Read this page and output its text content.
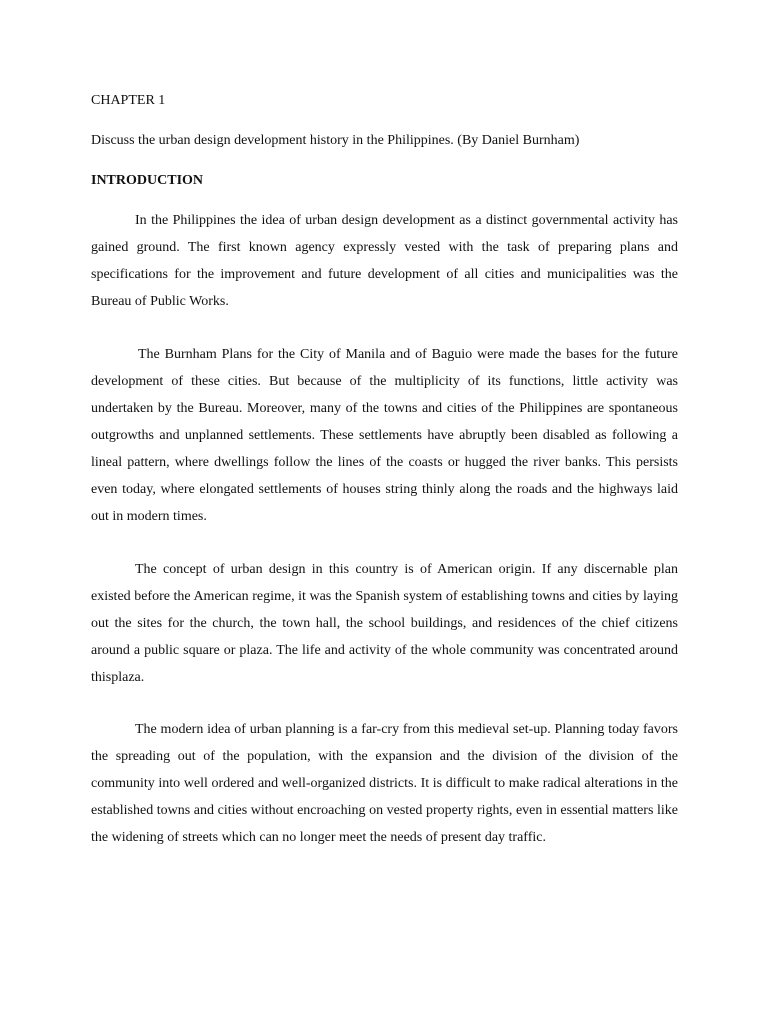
CHAPTER 1
Discuss the urban design development history in the Philippines. (By Daniel Burnham)
INTRODUCTION

In the Philippines the idea of urban design development as a distinct governmental activity has gained ground. The first known agency expressly vested with the task of preparing plans and specifications for the improvement and future development of all cities and municipalities was the Bureau of Public Works.

The Burnham Plans for the City of Manila and of Baguio were made the bases for the future development of these cities. But because of the multiplicity of its functions, little activity was undertaken by the Bureau. Moreover, many of the towns and cities of the Philippines are spontaneous outgrowths and unplanned settlements. These settlements have abruptly been disabled as following a lineal pattern, where dwellings follow the lines of the coasts or hugged the river banks. This persists even today, where elongated settlements of houses string thinly along the roads and the highways laid out in modern times.

The concept of urban design in this country is of American origin. If any discernable plan existed before the American regime, it was the Spanish system of establishing towns and cities by laying out the sites for the church, the town hall, the school buildings, and residences of the chief citizens around a public square or plaza. The life and activity of the whole community was concentrated around thisplaza.

The modern idea of urban planning is a far-cry from this medieval set-up. Planning today favors the spreading out of the population, with the expansion and the division of the division of the community into well ordered and well-organized districts. It is difficult to make radical alterations in the established towns and cities without encroaching on vested property rights, even in essential matters like the widening of streets which can no longer meet the needs of present day traffic.
